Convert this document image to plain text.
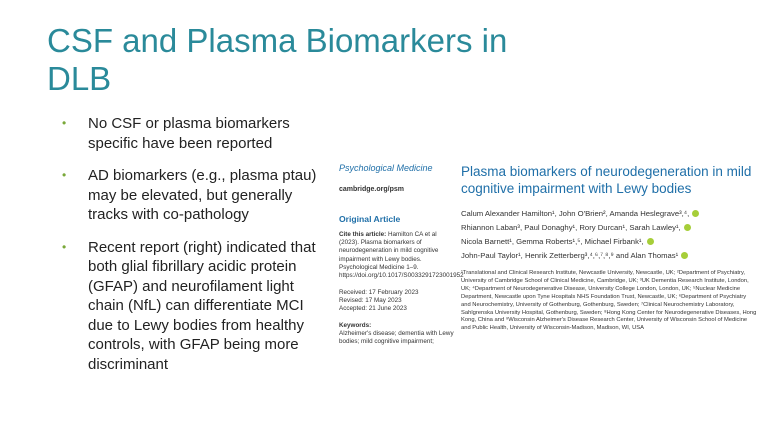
CSF and Plasma Biomarkers in DLB
• No CSF or plasma biomarkers specific have been reported
• AD biomarkers (e.g., plasma ptau) may be elevated, but generally tracks with co-pathology
• Recent report (right) indicated that both glial fibrillary acidic protein (GFAP) and neurofilament light chain (NfL) can differentiate MCI due to Lewy bodies from healthy controls, with GFAP being more discriminant
Psychological Medicine
cambridge.org/psm
Original Article
Cite this article: Hamilton CA et al (2023). Plasma biomarkers of neurodegeneration in mild cognitive impairment with Lewy bodies. Psychological Medicine 1–9. https://doi.org/10.1017/S0033291723001952
Received: 17 February 2023
Revised: 17 May 2023
Accepted: 21 June 2023
Keywords:
Alzheimer's disease; dementia with Lewy bodies; mild cognitive impairment;
Plasma biomarkers of neurodegeneration in mild cognitive impairment with Lewy bodies
Calum Alexander Hamilton¹, John O'Brien², Amanda Heslegrave³,⁴,
Rhiannon Laban³, Paul Donaghy¹, Rory Durcan¹, Sarah Lawley¹,
Nicola Barnett¹, Gemma Roberts¹,⁵, Michael Firbank¹,
John-Paul Taylor¹, Henrik Zetterberg³,⁴,⁶,⁷,⁸,⁹ and Alan Thomas¹
¹Translational and Clinical Research Institute, Newcastle University, Newcastle, UK; ²Department of Psychiatry, University of Cambridge School of Clinical Medicine, Cambridge, UK; ³UK Dementia Research Institute, London, UK; ⁴Department of Neurodegenerative Disease, University College London, London, UK; ⁵Nuclear Medicine Department, Newcastle upon Tyne Hospitals NHS Foundation Trust, Newcastle, UK; ⁶Department of Psychiatry and Neurochemistry, University of Gothenburg, Gothenburg, Sweden; ⁷Clinical Neurochemistry Laboratory, Sahlgrenska University Hospital, Gothenburg, Sweden; ⁸Hong Kong Center for Neurodegenerative Diseases, Hong Kong, China and ⁹Wisconsin Alzheimer's Disease Research Center, University of Wisconsin School of Medicine and Public Health, University of Wisconsin-Madison, Madison, WI, USA
